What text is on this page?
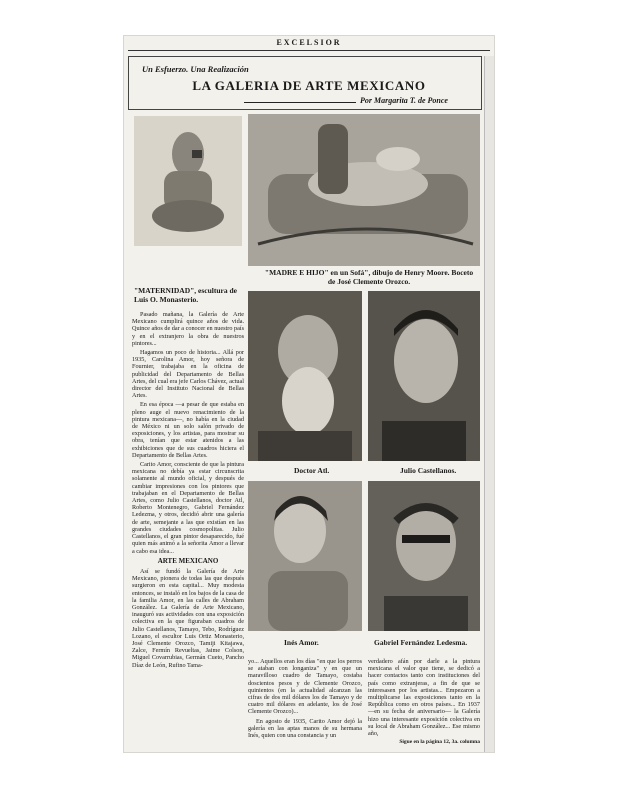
EXCELSIOR
Un Esfuerzo. Una Realización
LA GALERIA DE ARTE MEXICANO
Por Margarita T. de Ponce
"MATERNIDAD", escultura de Luis O. Monasterio.
"MADRE E HIJO" en un Sofá", dibujo de Henry Moore. Boceto de José Clemente Orozco.
Doctor Atl.	Julio Castellanos.
Inés Amor.	Gabriel Fernández Ledesma.

Pasado mañana, la Galería de Arte Mexicano cumplirá quince años de vida. Quince años de dar a conocer en nuestro país y en el extranjero la obra de nuestros pintores...

Hagamos un poco de historia... Allá por 1935, Carolina Amor, hoy señora de Fournier, trabajaba en la oficina de publicidad del Departamento de Bellas Artes, del cual era jefe Carlos Chávez, actual director del Instituto Nacional de Bellas Artes.

En esa época —a pesar de que estaba en pleno auge el nuevo renacimiento de la pintura mexicana—, no había en la ciudad de México ni un solo salón privado de exposiciones, y los artistas, para mostrar su obra, tenían que estar atenidos a las exhibiciones que de sus cuadros hiciera el Departamento de Bellas Artes.

Carito Amor, consciente de que la pintura mexicana no debía ya estar circunscrita solamente al mundo oficial, y después de cambiar impresiones con los pintores que trabajaban en el Departamento de Bellas Artes, como Julio Castellanos, doctor Atl, Roberto Montenegro, Gabriel Fernández Ledezma, y otros, decidió abrir una galería de arte, semejante a las que existían en las grandes ciudades cosmopolitas. Julio Castellanos, el gran pintor desaparecido, fué quien más animó a la señorita Amor a llevar a cabo esa idea...

ARTE MEXICANO

Así se fundó la Galería de Arte Mexicano, pionera de todas las que después surgieron en esta capital... Muy modesta entonces, se instaló en los bajos de la casa de la familia Amor, en las calles de Abraham González. La Galería de Arte Mexicano, inauguró sus actividades con una exposición colectiva en la que figuraban cuadros de Julio Castellanos, Tamayo, Tebo, Rodríguez Lozano, el escultor Luis Ortiz Monasterio, José Clemente Orozco, Tamiji Kitajawa, Zalce, Fermín Revueltas, Jaime Colson, Miguel Covarrubias, Germán Cueto, Pancho Díaz de León, Rufino Tama-

yo... Aquellos eran los días "en que los perros se ataban con longaniza" y en que un maravilloso cuadro de Tamayo, costaba doscientos pesos y de Clemente Orozco, quinientos (en la actualidad alcanzan las cifras de dos mil dólares los de Tamayo y de cuatro mil dólares en adelante, los de José Clemente Orozco)...

En agosto de 1935, Carito Amor dejó la galería en las aptas manos de su hermana Inés, quien con una constancia y un

verdadero afán por darle a la pintura mexicana el valor que tiene, se dedicó a hacer contactos tanto con instituciones del país como extranjeras, a fin de que se interesasen por los artistas... Empezaron a multiplicarse las exposiciones tanto en la República como en otros países... En 1937 —en su fecha de aniversario— la Galería hizo una interesante exposición colectiva en su local de Abraham González... Ese mismo año,

Sigue en la página 12, 3a. columna
